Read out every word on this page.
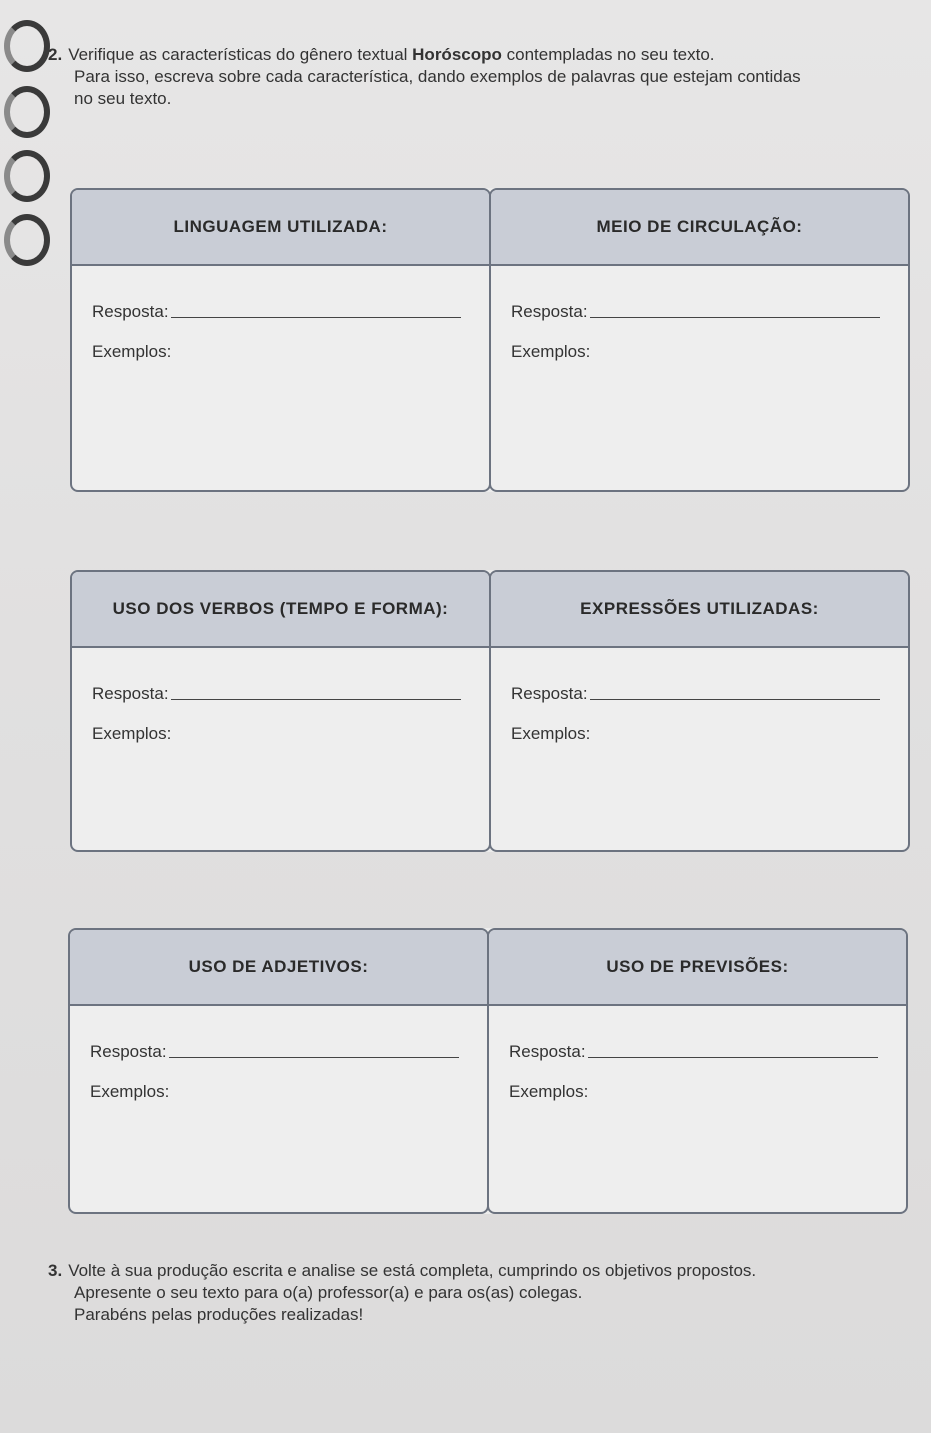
2. Verifique as características do gênero textual Horóscopo contempladas no seu texto.
Para isso, escreva sobre cada característica, dando exemplos de palavras que estejam contidas
no seu texto.
LINGUAGEM UTILIZADA:
Resposta:
Exemplos:
MEIO DE CIRCULAÇÃO:
Resposta:
Exemplos:
USO DOS VERBOS (TEMPO E FORMA):
Resposta:
Exemplos:
EXPRESSÕES UTILIZADAS:
Resposta:
Exemplos:
USO DE ADJETIVOS:
Resposta:
Exemplos:
USO DE PREVISÕES:
Resposta:
Exemplos:
3. Volte à sua produção escrita e analise se está completa, cumprindo os objetivos propostos.
Apresente o seu texto para o(a) professor(a) e para os(as) colegas.
Parabéns pelas produções realizadas!
